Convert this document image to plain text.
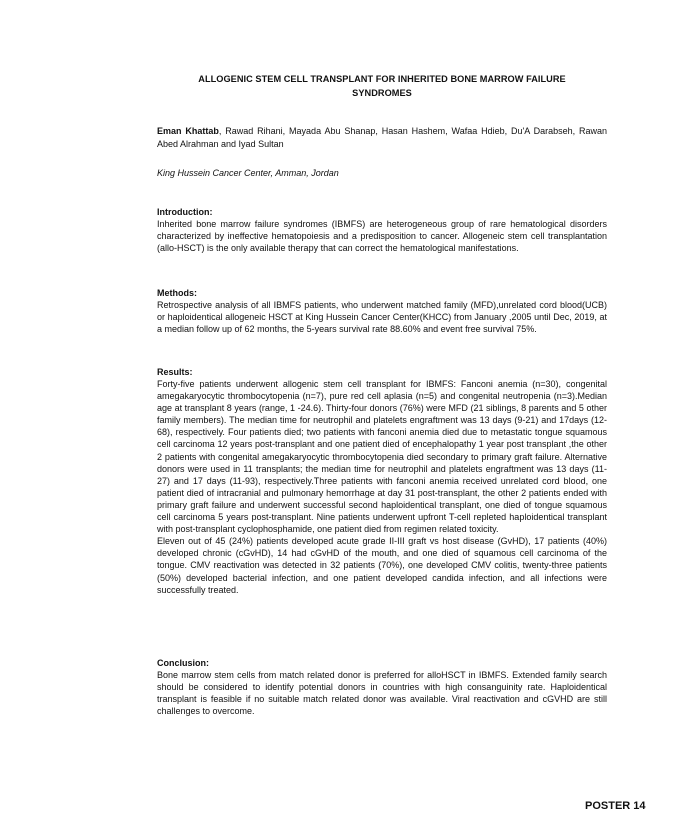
ALLOGENIC STEM CELL TRANSPLANT FOR INHERITED BONE MARROW FAILURE
SYNDROMES
Eman Khattab, Rawad Rihani, Mayada Abu Shanap, Hasan Hashem, Wafaa Hdieb, Du'A Darabseh, Rawan Abed Alrahman and Iyad Sultan
King Hussein Cancer Center, Amman, Jordan

Introduction:

Inherited bone marrow failure syndromes (IBMFS) are heterogeneous group of rare hematological disorders characterized by ineffective hematopoiesis and a predisposition to cancer. Allogeneic stem cell transplantation (allo-HSCT) is the only available therapy that can correct the hematological manifestations.

Methods:

Retrospective analysis of all IBMFS patients, who underwent matched family (MFD),unrelated cord blood(UCB) or haploidentical allogeneic HSCT at King Hussein Cancer Center(KHCC) from January ,2005 until Dec, 2019, at a median follow up of 62 months, the 5-years survival rate 88.60% and event free survival 75%.

Results:

Forty-five patients underwent allogenic stem cell transplant for IBMFS: Fanconi anemia (n=30), congenital amegakaryocytic thrombocytopenia (n=7), pure red cell aplasia (n=5) and congenital neutropenia (n=3).Median age at transplant 8 years (range, 1 -24.6). Thirty-four donors (76%) were MFD (21 siblings, 8 parents and 5 other family members). The median time for neutrophil and platelets engraftment was 13 days (9-21) and 17days (12-68), respectively. Four patients died; two patients with fanconi anemia died due to metastatic tongue squamous cell carcinoma 12 years post-transplant and one patient died of encephalopathy 1 year post transplant ,the other 2 patients with congenital amegakaryocytic thrombocytopenia died secondary to primary graft failure. Alternative donors were used in 11 transplants; the median time for neutrophil and platelets engraftment was 13 days (11-27) and 17 days (11-93), respectively.Three patients with fanconi anemia received unrelated cord blood, one patient died of intracranial and pulmonary hemorrhage at day 31 post-transplant, the other 2 patients ended with primary graft failure and underwent successful second haploidentical transplant, one died of tongue squamous cell carcinoma 5 years post-transplant. Nine patients underwent upfront T-cell repleted haploidentical transplant with post-transplant cyclophosphamide, one patient died from regimen related toxicity.

Eleven out of 45 (24%) patients developed acute grade II-III graft vs host disease (GvHD), 17 patients (40%) developed chronic (cGvHD), 14 had cGvHD of the mouth, and one died of squamous cell carcinoma of the tongue. CMV reactivation was detected in 32 patients (70%), one developed CMV colitis, twenty-three patients (50%) developed bacterial infection, and one patient developed candida infection, and all infections were successfully treated.

Conclusion:

Bone marrow stem cells from match related donor is preferred for alloHSCT in IBMFS. Extended family search should be considered to identify potential donors in countries with high consanguinity rate. Haploidentical transplant is feasible if no suitable match related donor was available. Viral reactivation and cGVHD are still challenges to overcome.

POSTER 14
